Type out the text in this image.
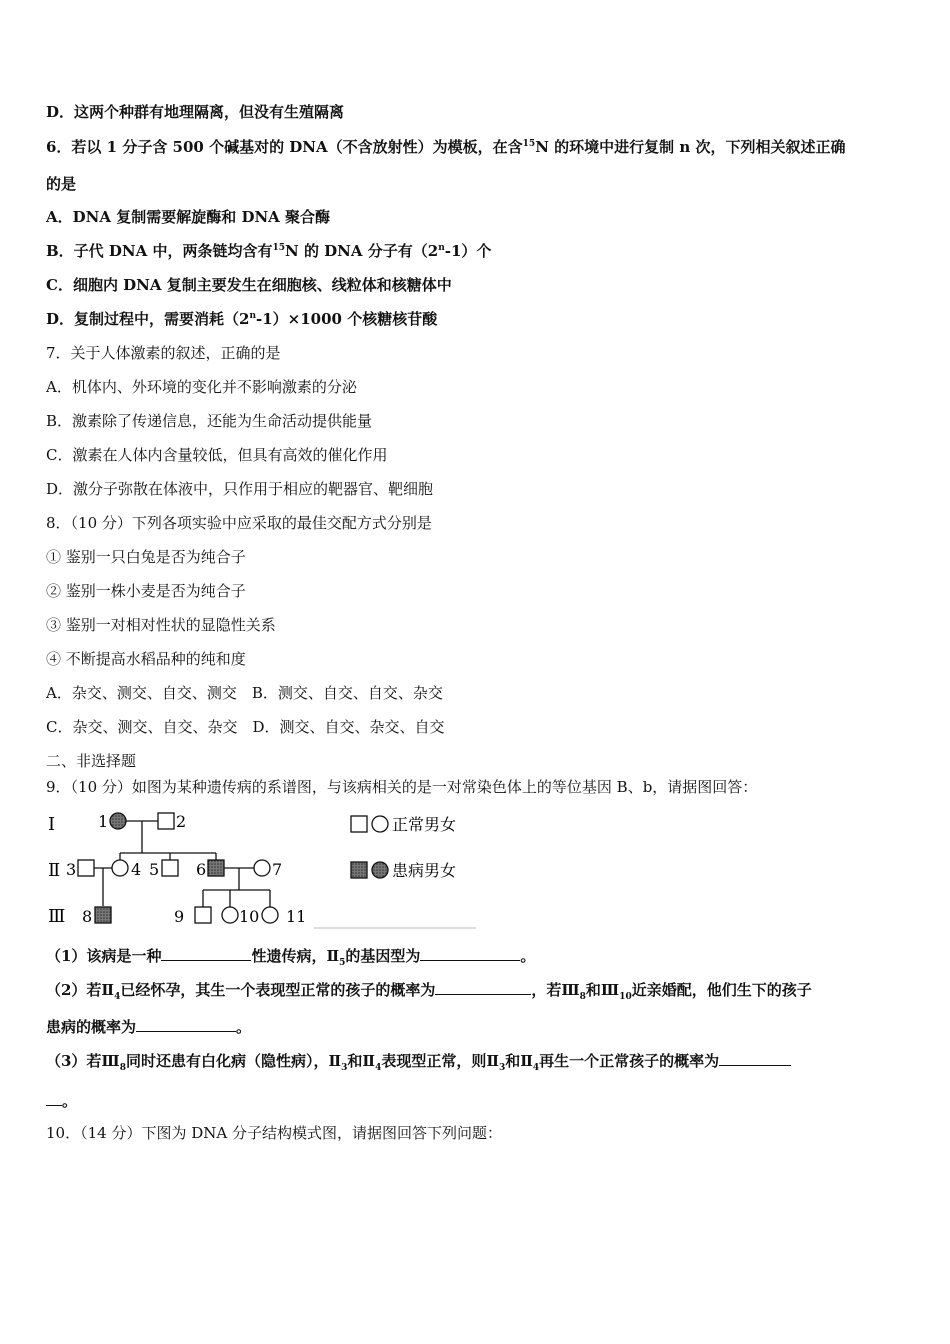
D．这两个种群有地理隔离，但没有生殖隔离
6．若以 1 分子含 500 个碱基对的 DNA（不含放射性）为模板，在含$^{15}$N 的环境中进行复制 n 次，下列相关叙述正确
的是
A．DNA 复制需要解旋酶和 DNA 聚合酶
B．子代 DNA 中，两条链均含有$^{15}$N 的 DNA 分子有（2$^n$-1）个
C．细胞内 DNA 复制主要发生在细胞核、线粒体和核糖体中
D．复制过程中，需要消耗$(2^n-1)\times 1000$ 个核糖核苷酸
7．关于人体激素的叙述，正确的是
A．机体内、外环境的变化并不影响激素的分泌
B．激素除了传递信息，还能为生命活动提供能量
C．激素在人体内含量较低，但具有高效的催化作用
D．激分子弥散在体液中，只作用于相应的靶器官、靶细胞
8．（10 分）下列各项实验中应采取的最佳交配方式分别是
① 鉴别一只白兔是否为纯合子
② 鉴别一株小麦是否为纯合子
③ 鉴别一对相对性状的显隐性关系
④ 不断提高水稻品种的纯和度
A．杂交、测交、自交、测交　B．测交、自交、自交、杂交
C．杂交、测交、自交、杂交　D．测交、自交、杂交、自交
二、非选择题
9．（10 分）如图为某种遗传病的系谱图，与该病相关的是一对常染色体上的等位基因 B、b，请据图回答：
Ⅰ
Ⅱ
Ⅲ
1	2
3	4 5 6	7
8	9	10 11
正常男女
患病男女
（1）该病是一种	性遗传病，$Ⅱ_5$的基因型为	。
（2）若$Ⅱ_4$已经怀孕，其生一个表现型正常的孩子的概率为	，若$Ⅲ_8$和$Ⅲ_{10}$近亲婚配，他们生下的孩子
患病的概率为	。
（3）若$Ⅲ_8$同时还患有白化病（隐性病），$Ⅱ_3$和$Ⅱ_4$表现型正常，则$Ⅱ_3$和$Ⅱ_4$再生一个正常孩子的概率为
。
10．（14 分）下图为 DNA 分子结构模式图，请据图回答下列问题：
